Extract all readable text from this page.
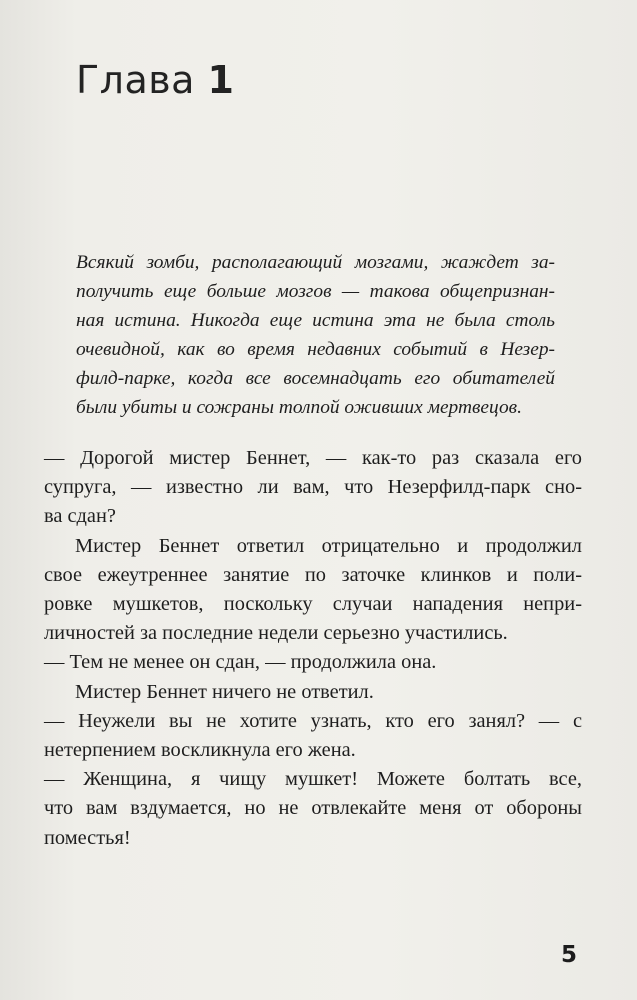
Глава 1
Всякий зомби, располагающий мозгами, жаждет за-
получить еще больше мозгов — такова общепризнан-
ная истина. Никогда еще истина эта не была столь
очевидной, как во время недавних событий в Незер-
филд-парке, когда все восемнадцать его обитателей
были убиты и сожраны толпой оживших мертвецов.
— Дорогой мистер Беннет, — как-то раз сказала его
супруга, — известно ли вам, что Незерфилд-парк сно-
ва сдан?
Мистер Беннет ответил отрицательно и продолжил
свое ежеутреннее занятие по заточке клинков и поли-
ровке мушкетов, поскольку случаи нападения непри-
личностей за последние недели серьезно участились.
— Тем не менее он сдан, — продолжила она.
Мистер Беннет ничего не ответил.
— Неужели вы не хотите узнать, кто его занял? — с
нетерпением воскликнула его жена.
— Женщина, я чищу мушкет! Можете болтать все,
что вам вздумается, но не отвлекайте меня от обороны
поместья!
5
